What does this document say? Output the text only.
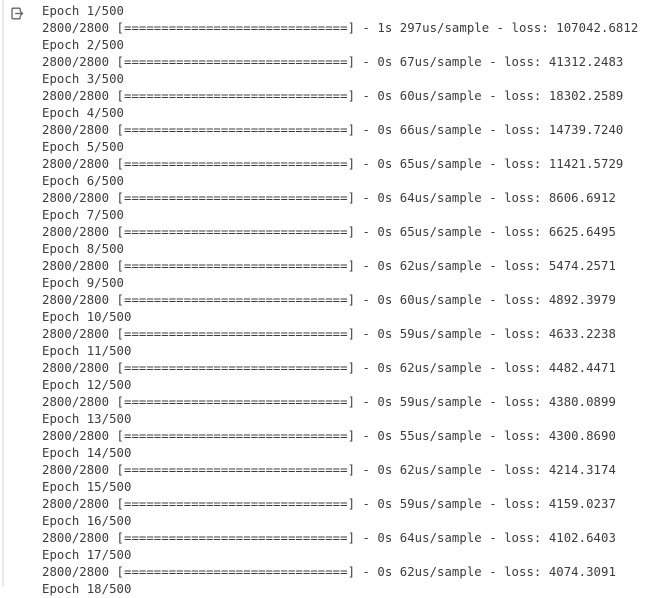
Epoch 1/500
2800/2800 [==============================] - 1s 297us/sample - loss: 107042.6812
Epoch 2/500
2800/2800 [==============================] - 0s 67us/sample - loss: 41312.2483
Epoch 3/500
2800/2800 [==============================] - 0s 60us/sample - loss: 18302.2589
Epoch 4/500
2800/2800 [==============================] - 0s 66us/sample - loss: 14739.7240
Epoch 5/500
2800/2800 [==============================] - 0s 65us/sample - loss: 11421.5729
Epoch 6/500
2800/2800 [==============================] - 0s 64us/sample - loss: 8606.6912
Epoch 7/500
2800/2800 [==============================] - 0s 65us/sample - loss: 6625.6495
Epoch 8/500
2800/2800 [==============================] - 0s 62us/sample - loss: 5474.2571
Epoch 9/500
2800/2800 [==============================] - 0s 60us/sample - loss: 4892.3979
Epoch 10/500
2800/2800 [==============================] - 0s 59us/sample - loss: 4633.2238
Epoch 11/500
2800/2800 [==============================] - 0s 62us/sample - loss: 4482.4471
Epoch 12/500
2800/2800 [==============================] - 0s 59us/sample - loss: 4380.0899
Epoch 13/500
2800/2800 [==============================] - 0s 55us/sample - loss: 4300.8690
Epoch 14/500
2800/2800 [==============================] - 0s 62us/sample - loss: 4214.3174
Epoch 15/500
2800/2800 [==============================] - 0s 59us/sample - loss: 4159.0237
Epoch 16/500
2800/2800 [==============================] - 0s 64us/sample - loss: 4102.6403
Epoch 17/500
2800/2800 [==============================] - 0s 62us/sample - loss: 4074.3091
Epoch 18/500
